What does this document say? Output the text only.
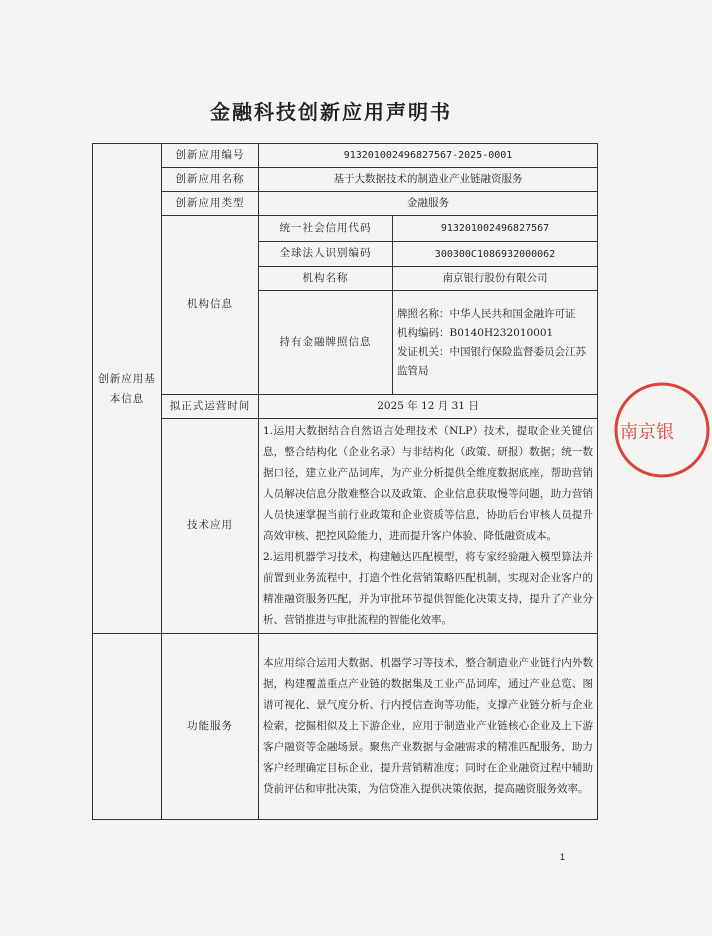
金融科技创新应用声明书
创新应用基本信息	创新应用编号	913201002496827567-2025-0001	
	创新应用名称	基于大数据技术的制造业产业链融资服务	
	创新应用类型	金融服务	
	机构信息	统一社会信用代码	913201002496827567
		全球法人识别编码	300300C1086932000062
		机构名称	南京银行股份有限公司
		持有金融牌照信息	牌照名称：中华人民共和国金融许可证
机构编码：B0140H232010001
发证机关：中国银行保险监督委员会江苏监管局

	拟正式运营时间	2025 年 12 月 31 日	
	技术应用	1.运用大数据结合自然语言处理技术（NLP）技术，提取企业关键信息，整合结构化（企业名录）与非结构化（政策、研报）数据；统一数据口径，建立业产品词库，为产业分析提供全维度数据底座，帮助营销人员解决信息分散难整合以及政策、企业信息获取慢等问题，助力营销人员快速掌握当前行业政策和企业资质等信息，协助后台审核人员提升高效审核、把控风险能力，进而提升客户体验、降低融资成本。
2.运用机器学习技术，构建触达匹配模型，将专家经验融入模型算法并前置到业务流程中，打造个性化营销策略匹配机制，实现对企业客户的精准融资服务匹配，并为审批环节提供智能化决策支持，提升了产业分析、营销推进与审批流程的智能化效率。	

	功能服务	本应用综合运用大数据、机器学习等技术，整合制造业产业链行内外数据，构建覆盖重点产业链的数据集及工业产品词库，通过产业总览、图谱可视化、景气度分析、行内授信查询等功能，支撑产业链分析与企业检索，挖掘相似及上下游企业，应用于制造业产业链核心企业及上下游客户融资等金融场景。聚焦产业数据与金融需求的精准匹配服务，助力客户经理确定目标企业，提升营销精准度；同时在企业融资过程中辅助贷前评估和审批决策，为信贷准入提供决策依据，提高融资服务效率。	
1
南京银
